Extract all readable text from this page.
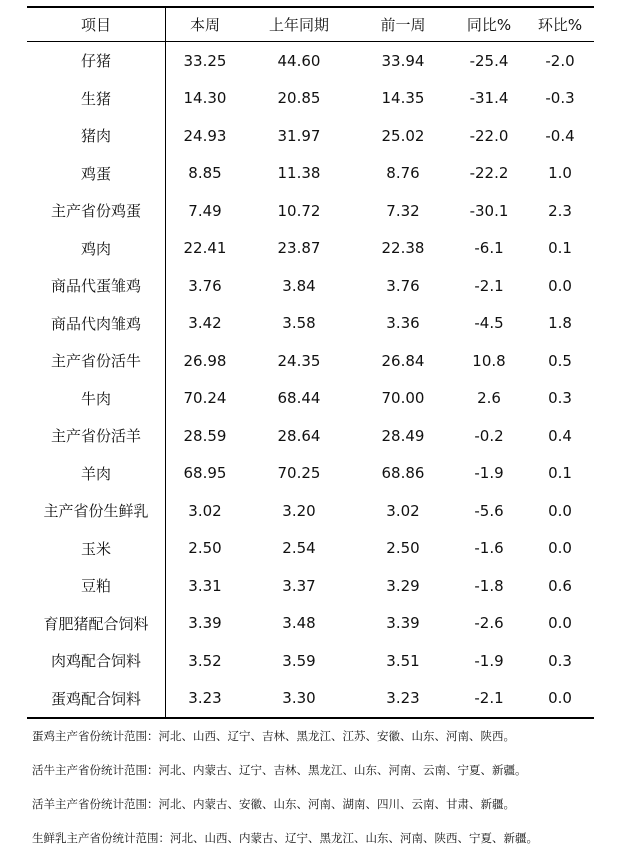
项目	本周	上年同期	前一周	同比%	环比%
仔猪	33.25	44.60	33.94	-25.4	-2.0
生猪	14.30	20.85	14.35	-31.4	-0.3
猪肉	24.93	31.97	25.02	-22.0	-0.4
鸡蛋	8.85	11.38	8.76	-22.2	1.0
主产省份鸡蛋	7.49	10.72	7.32	-30.1	2.3
鸡肉	22.41	23.87	22.38	-6.1	0.1
商品代蛋雏鸡	3.76	3.84	3.76	-2.1	0.0
商品代肉雏鸡	3.42	3.58	3.36	-4.5	1.8
主产省份活牛	26.98	24.35	26.84	10.8	0.5
牛肉	70.24	68.44	70.00	2.6	0.3
主产省份活羊	28.59	28.64	28.49	-0.2	0.4
羊肉	68.95	70.25	68.86	-1.9	0.1
主产省份生鲜乳	3.02	3.20	3.02	-5.6	0.0
玉米	2.50	2.54	2.50	-1.6	0.0
豆粕	3.31	3.37	3.29	-1.8	0.6
育肥猪配合饲料	3.39	3.48	3.39	-2.6	0.0
肉鸡配合饲料	3.52	3.59	3.51	-1.9	0.3
蛋鸡配合饲料	3.23	3.30	3.23	-2.1	0.0
蛋鸡主产省份统计范围：河北、山西、辽宁、吉林、黑龙江、江苏、安徽、山东、河南、陕西。
活牛主产省份统计范围：河北、内蒙古、辽宁、吉林、黑龙江、山东、河南、云南、宁夏、新疆。
活羊主产省份统计范围：河北、内蒙古、安徽、山东、河南、湖南、四川、云南、甘肃、新疆。
生鲜乳主产省份统计范围：河北、山西、内蒙古、辽宁、黑龙江、山东、河南、陕西、宁夏、新疆。
